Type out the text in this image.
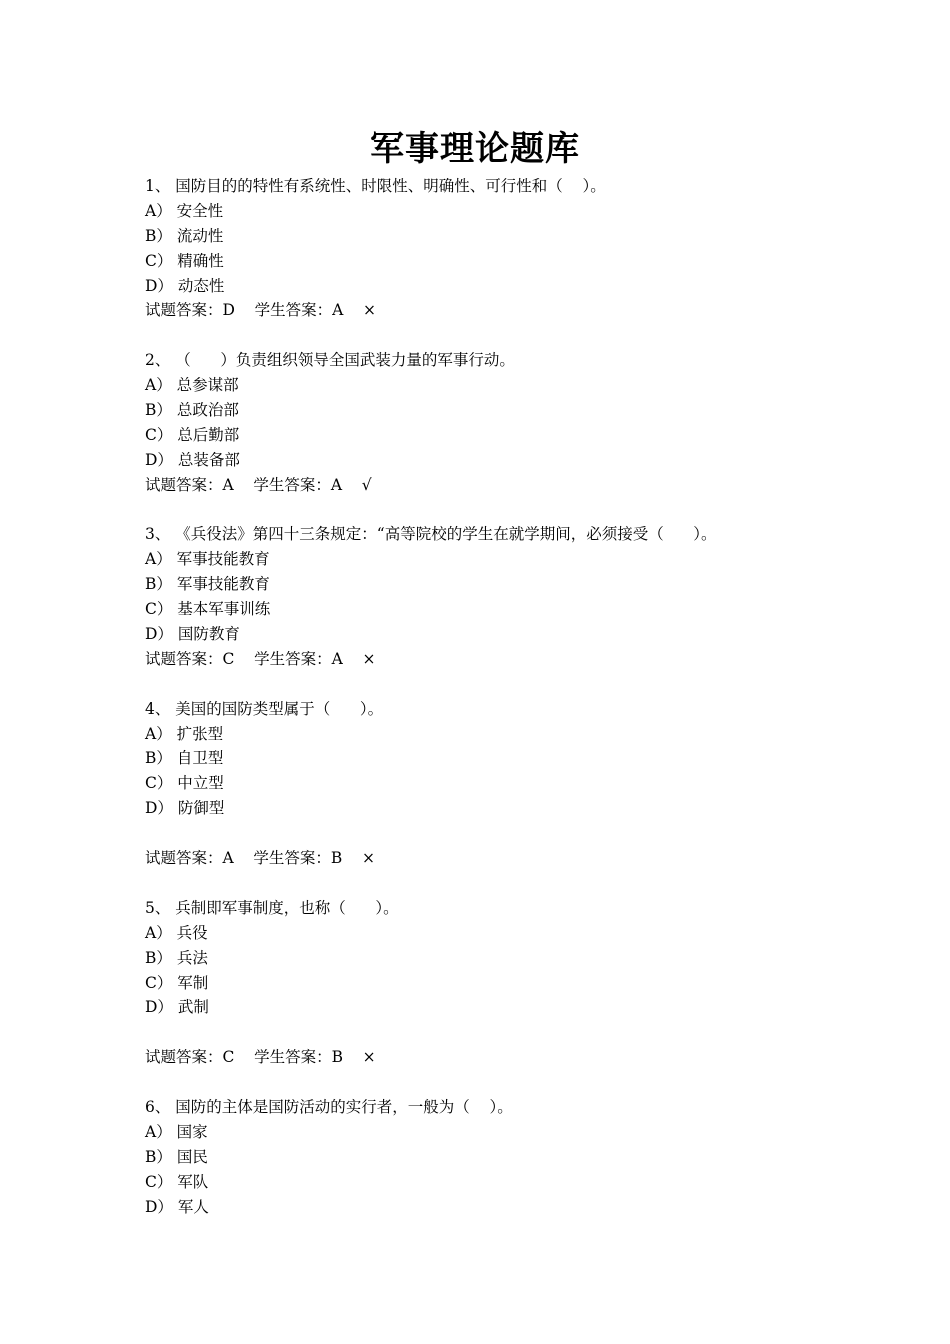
军事理论题库
1、 国防目的的特性有系统性、时限性、明确性、可行性和（    ）。
A） 安全性
B） 流动性
C） 精确性
D） 动态性
试题答案：D    学生答案：A    ×
2、 （      ）负责组织领导全国武装力量的军事行动。
A） 总参谋部
B） 总政治部
C） 总后勤部
D） 总装备部
试题答案：A    学生答案：A    √
3、 《兵役法》第四十三条规定：“高等院校的学生在就学期间，必须接受（      ）。
A） 军事技能教育
B） 军事技能教育
C） 基本军事训练
D） 国防教育
试题答案：C    学生答案：A    ×
4、 美国的国防类型属于（      ）。
A） 扩张型
B） 自卫型
C） 中立型
D） 防御型
试题答案：A    学生答案：B    ×
5、 兵制即军事制度，也称（      ）。
A） 兵役
B） 兵法
C） 军制
D） 武制
试题答案：C    学生答案：B    ×
6、 国防的主体是国防活动的实行者，一般为（    ）。
A） 国家
B） 国民
C） 军队
D） 军人
